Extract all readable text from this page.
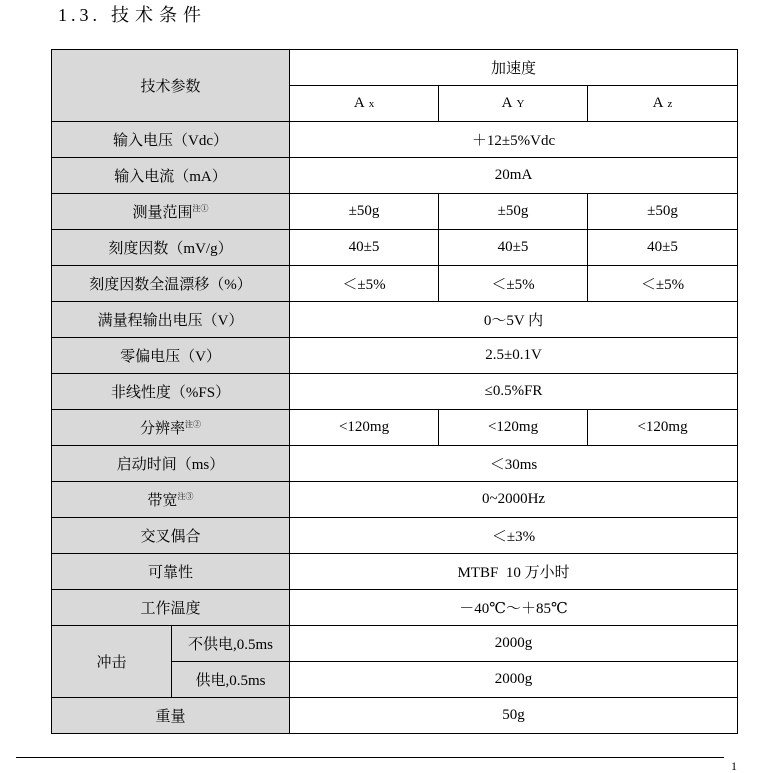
1.3. 技术条件
技术参数		加速度		
		A x	A Y	A z
输入电压（Vdc）		＋12±5%Vdc		
输入电流（mA）		20mA		
测量范围$^{注①}$		±50g	±50g	±50g
刻度因数（mV/g）		40±5	40±5	40±5
刻度因数全温漂移（%）		＜±5%	＜±5%	＜±5%
满量程输出电压（V）		0～5V 内		
零偏电压（V）		2.5±0.1V		
非线性度（%FS）		≤0.5%FR		
分辨率$^{注②}$		<120mg	<120mg	<120mg
启动时间（ms）		＜30ms		
带宽$^{注③}$		0~2000Hz		
交叉偶合		＜±3%		
可靠性		MTBF  10 万小时		
工作温度		－40℃～＋85℃		
冲击	不供电,0.5ms	2000g		
	供电,0.5ms	2000g		
重量		50g		
1
